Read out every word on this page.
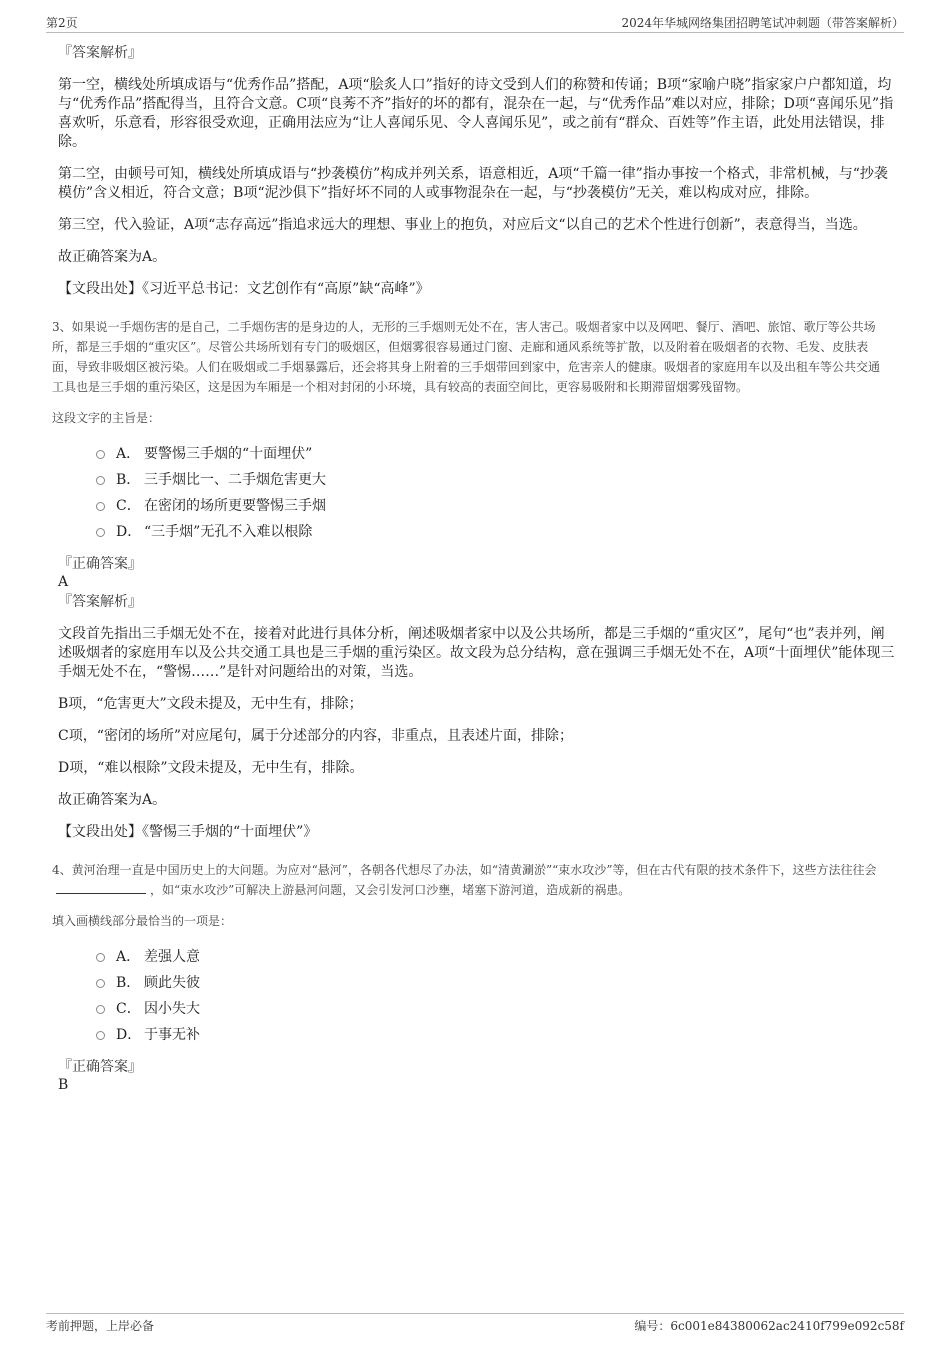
第2页	2024年华城网络集团招聘笔试冲刺题（带答案解析）

『答案解析』

第一空，横线处所填成语与“优秀作品”搭配，A项“脍炙人口”指好的诗文受到人们的称赞和传诵；B项“家喻户晓”指家家户户都知道，均与“优秀作品”搭配得当，且符合文意。C项“良莠不齐”指好的坏的都有，混杂在一起，与“优秀作品”难以对应，排除；D项“喜闻乐见”指喜欢听，乐意看，形容很受欢迎，正确用法应为“让人喜闻乐见、令人喜闻乐见”，或之前有“群众、百姓等”作主语，此处用法错误，排除。

第二空，由顿号可知，横线处所填成语与“抄袭模仿”构成并列关系，语意相近，A项“千篇一律”指办事按一个格式，非常机械，与“抄袭模仿”含义相近，符合文意；B项“泥沙俱下”指好坏不同的人或事物混杂在一起，与“抄袭模仿”无关，难以构成对应，排除。

第三空，代入验证，A项“志存高远”指追求远大的理想、事业上的抱负，对应后文“以自己的艺术个性进行创新”，表意得当，当选。

故正确答案为A。

【文段出处】《习近平总书记：文艺创作有“高原”缺“高峰”》

3、如果说一手烟伤害的是自己，二手烟伤害的是身边的人，无形的三手烟则无处不在，害人害己。吸烟者家中以及网吧、餐厅、酒吧、旅馆、歌厅等公共场所，都是三手烟的“重灾区”。尽管公共场所划有专门的吸烟区，但烟雾很容易通过门窗、走廊和通风系统等扩散，以及附着在吸烟者的衣物、毛发、皮肤表面，导致非吸烟区被污染。人们在吸烟或二手烟暴露后，还会将其身上附着的三手烟带回到家中，危害亲人的健康。吸烟者的家庭用车以及出租车等公共交通工具也是三手烟的重污染区，这是因为车厢是一个相对封闭的小环境，具有较高的表面空间比，更容易吸附和长期滞留烟雾残留物。

这段文字的主旨是：

A． 要警惕三手烟的“十面埋伏”
B． 三手烟比一、二手烟危害更大
C． 在密闭的场所更要警惕三手烟
D． “三手烟”无孔不入难以根除

『正确答案』

A

『答案解析』

文段首先指出三手烟无处不在，接着对此进行具体分析，阐述吸烟者家中以及公共场所，都是三手烟的“重灾区”，尾句“也”表并列，阐述吸烟者的家庭用车以及公共交通工具也是三手烟的重污染区。故文段为总分结构，意在强调三手烟无处不在，A项“十面埋伏”能体现三手烟无处不在，“警惕……”是针对问题给出的对策，当选。

B项，“危害更大”文段未提及，无中生有，排除；

C项，“密闭的场所”对应尾句，属于分述部分的内容，非重点，且表述片面，排除；

D项，“难以根除”文段未提及，无中生有，排除。

故正确答案为A。

【文段出处】《警惕三手烟的“十面埋伏”》

4、黄河治理一直是中国历史上的大问题。为应对“悬河”，各朝各代想尽了办法，如“清黄涮淤”“束水攻沙”等，但在古代有限的技术条件下，这些方法往往会，如“束水攻沙”可解决上游悬河问题，又会引发河口沙壅，堵塞下游河道，造成新的祸患。

填入画横线部分最恰当的一项是：

A． 差强人意
B． 顾此失彼
C． 因小失大
D． 于事无补

『正确答案』

B

考前押题，上岸必备	编号：6c001e84380062ac2410f799e092c58f
